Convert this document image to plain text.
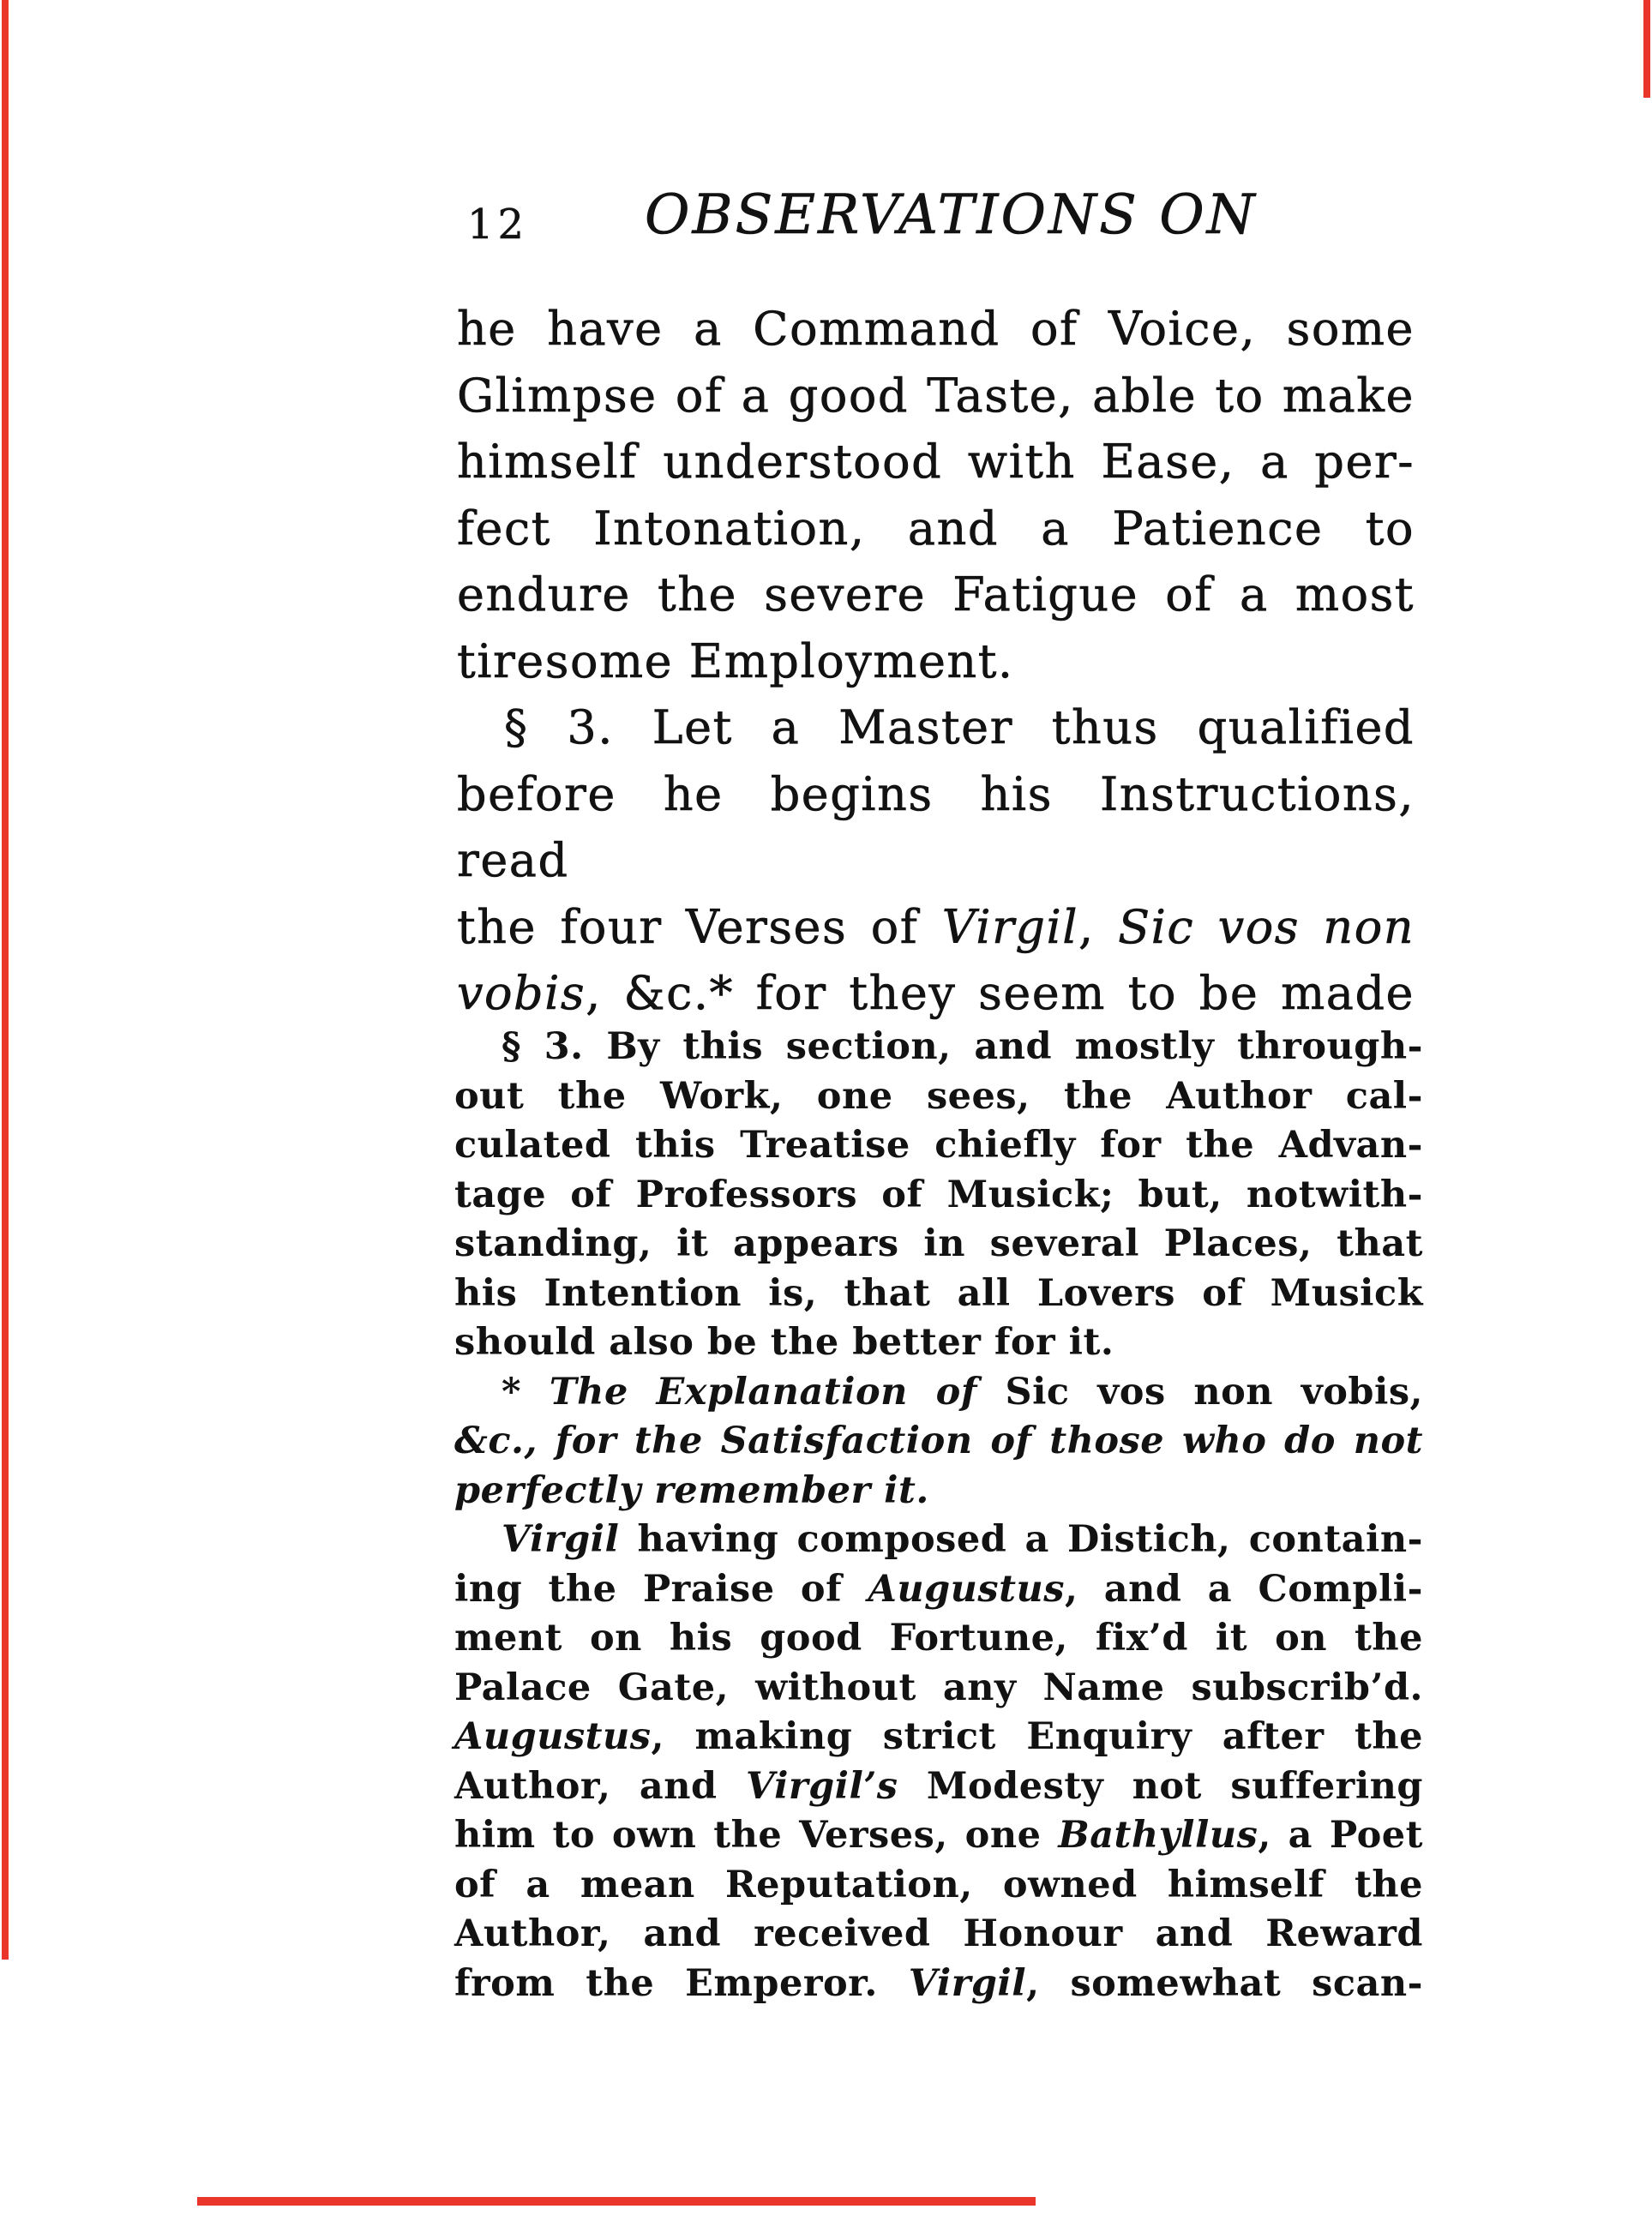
12 OBSERVATIONS ON
he have a Command of Voice, some
Glimpse of a good Taste, able to make
himself understood with Ease, a per-
fect Intonation, and a Patience to
endure the severe Fatigue of a most
tiresome Employment.
§ 3. Let a Master thus qualified
before he begins his Instructions, read
the four Verses of Virgil, Sic vos non
vobis, &c.* for they seem to be made
§ 3. By this section, and mostly through-
out the Work, one sees, the Author cal-
culated this Treatise chiefly for the Advan-
tage of Professors of Musick; but, notwith-
standing, it appears in several Places, that
his Intention is, that all Lovers of Musick
should also be the better for it.
* The Explanation of Sic vos non vobis,
&c., for the Satisfaction of those who do not
perfectly remember it.
Virgil having composed a Distich, contain-
ing the Praise of Augustus, and a Compli-
ment on his good Fortune, fix’d it on the
Palace Gate, without any Name subscrib’d.
Augustus, making strict Enquiry after the
Author, and Virgil’s Modesty not suffering
him to own the Verses, one Bathyllus, a Poet
of a mean Reputation, owned himself the
Author, and received Honour and Reward
from the Emperor. Virgil, somewhat scan-
